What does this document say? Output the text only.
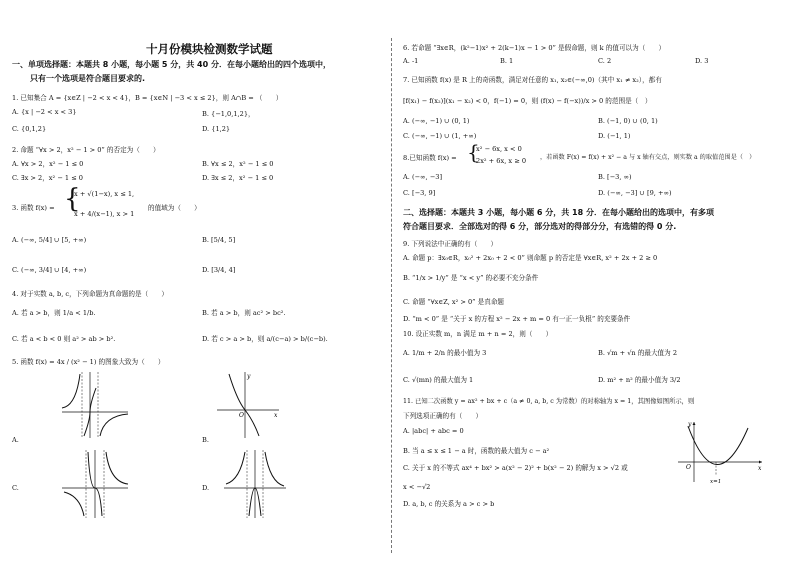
十月份模块检测数学试题
一、单项选择题：本题共 8 小题，每小题 5 分，共 40 分．在每小题给出的四个选项中，
只有一个选项是符合题目要求的.
1. 已知集合 A = {x∈Z | −2 < x < 4}，B = {x∈N | −3 < x ≤ 2}，则 A∩B = （　　）
A. {x | −2 < x < 3}	B. {−1,0,1,2}，
C. {0,1,2}	D. {1,2}
2. 命题 “∀x > 2，x² − 1 > 0” 的否定为（　　）
A. ∀x > 2，x² − 1 ≤ 0	B. ∀x ≤ 2，x² − 1 ≤ 0
C. ∃x > 2，x² − 1 ≤ 0	D. ∃x ≤ 2，x² − 1 ≤ 0
3. 函数 f(x) = {
x + √(1−x), x ≤ 1,
x + 4/(x−1), x > 1
的值域为（　　）
A. (−∞, 5/4] ∪ [5, +∞)	B. [5/4, 5]
C. (−∞, 3/4] ∪ [4, +∞)	D. [3/4, 4]
4. 对于实数 a, b, c，下列命题为真命题的是（　　）
A. 若 a > b，则 1/a < 1/b.	B. 若 a > b，则 ac² > bc².
C. 若 a < b < 0 则 a² > ab > b².	D. 若 c > a > b，则 a/(c−a) > b/(c−b).
5. 函数 f(x) = 4x / (x² − 1) 的图象大致为（　　）
A.	B.
O	x
y
C.	D.
6. 若命题 “∃x∈R，(k²−1)x² + 2(k−1)x − 1 > 0” 是假命题，则 k 的值可以为（　　）
A. -1	B. 1	C. 2	D. 3
7. 已知函数 f(x) 是 R 上的奇函数，满足对任意的 x₁, x₂∈(−∞,0)（其中 x₁ ≠ x₂），都有
[f(x₁) − f(x₂)](x₁ − x₂) < 0，f(−1) = 0，则 (f(x) − f(−x))/x > 0 的范围是（　）
A. (−∞, −1) ∪ (0, 1)	B. (−1, 0) ∪ (0, 1)
C. (−∞, −1) ∪ (1, +∞)	D. (−1, 1)
8.已知函数 f(x) = {
x² − 6x, x < 0
2x² + 6x, x ≥ 0 ，若函数 F(x) = f(x) + x² − a 与 x 轴有交点，则实数 a 的取值范围是（　）
A. (−∞, −3]	B. [−3, ∞)
C. [−3, 9]	D. (−∞, −3] ∪ [9, +∞)
二、选择题：本题共 3 小题，每小题 6 分，共 18 分．在每小题给出的选项中，有多项
符合题目要求．全部选对的得 6 分，部分选对的得部分分，有选错的得 0 分.
9. 下列说法中正确的有（　　）
A. 命题 p：∃x₀∈R，x₀² + 2x₀ + 2 < 0” 则命题 p 的否定是 ∀x∈R, x² + 2x + 2 ≥ 0
B. “1/x > 1/y” 是 “x < y” 的必要不充分条件
C. 命题 “∀x∈Z, x² > 0” 是真命题
D. “m < 0” 是 “关于 x 的方程 x² − 2x + m = 0 有一正一负根” 的充要条件
10. 设正实数 m，n 满足 m + n = 2，则（　　）
A. 1/m + 2/n 的最小值为 3	B. √m + √n 的最大值为 2
C. √(mn) 的最大值为 1	D. m² + n² 的最小值为 3/2
11. 已知二次函数 y = ax² + bx + c（a ≠ 0, a, b, c 为常数）的对称轴为 x = 1，其图像如图所示，则
下列选项正确的有（　　）
A. |abc| + abc = 0
B. 当 a ≤ x ≤ 1 − a 时，函数的最大值为 c − a²
C. 关于 x 的不等式 ax⁴ + bx² > a(x² − 2)² + b(x² − 2) 的解为 x > √2 或
x < −√2
D. a, b, c 的关系为 a > c > b
y
x
O
x=1
